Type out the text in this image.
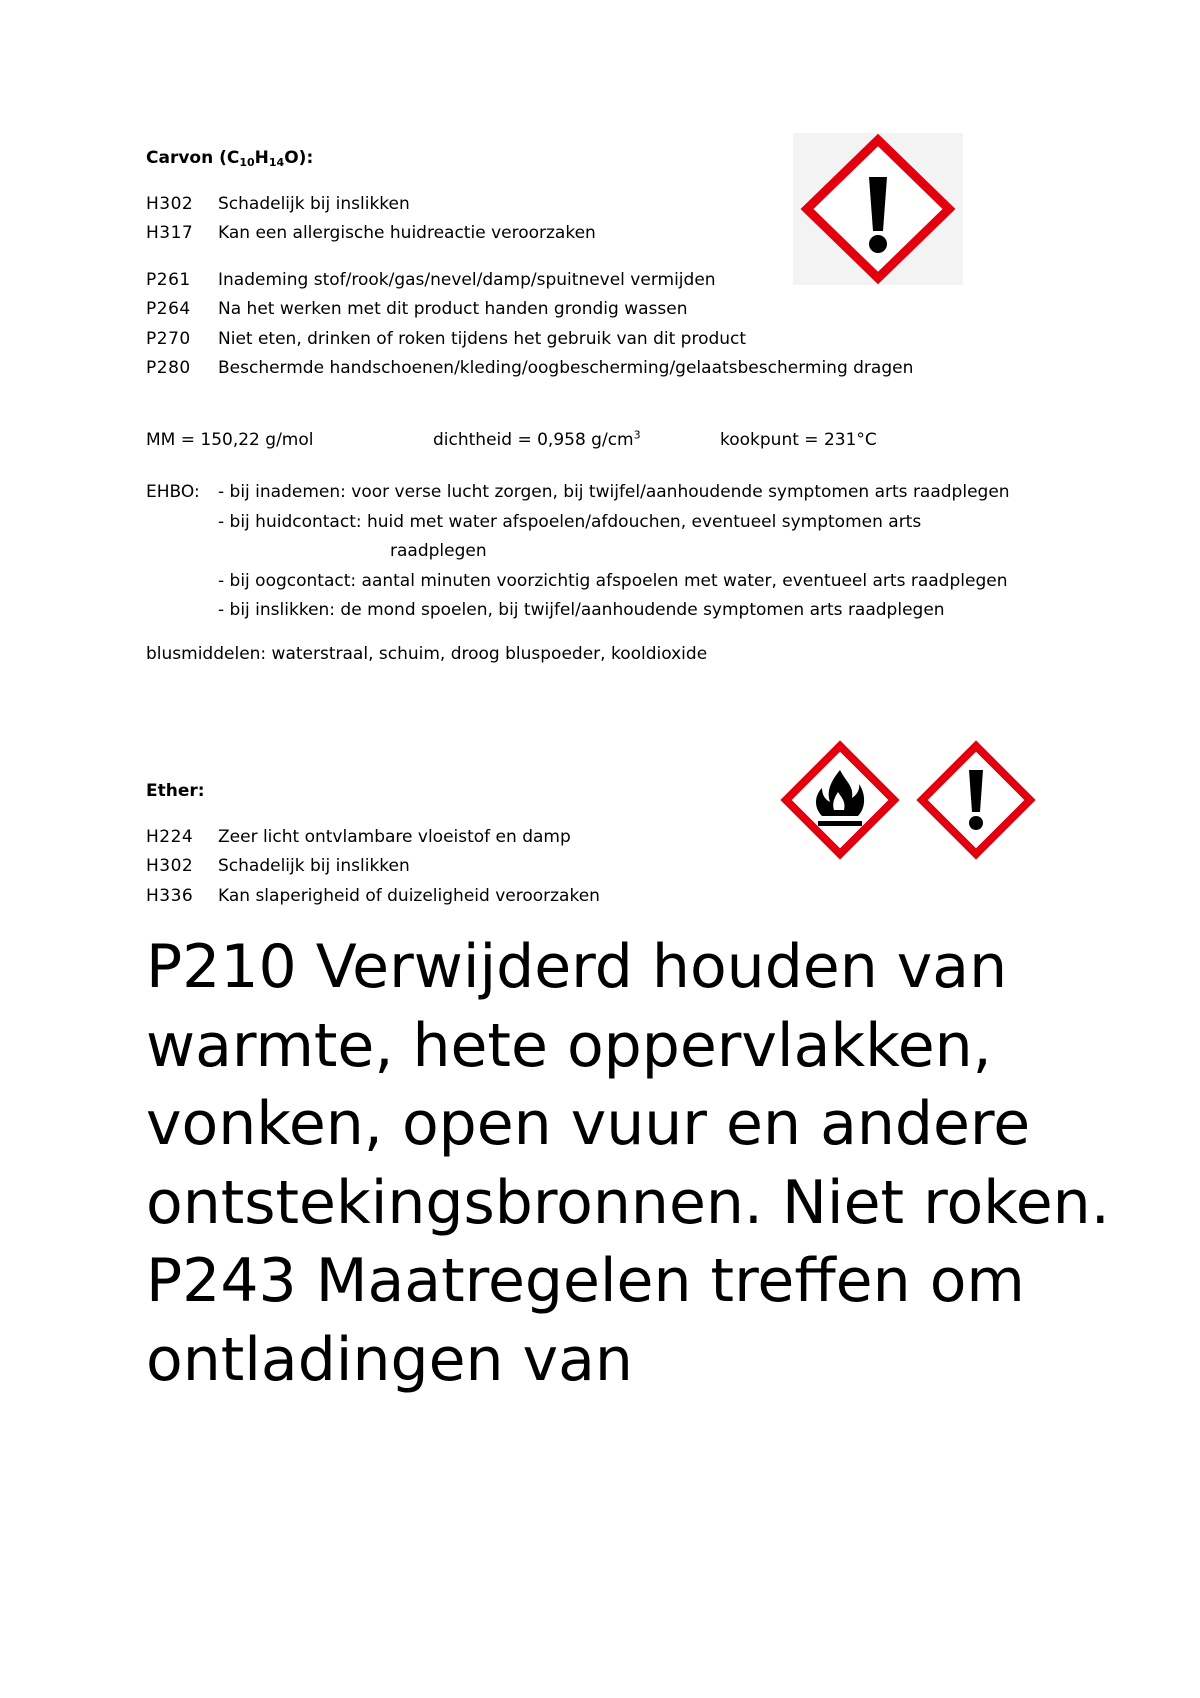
Carvon $(C_{10}H_{14}O)$:
H302	Schadelijk bij inslikken
H317	Kan een allergische huidreactie veroorzaken
P261	Inademing stof/rook/gas/nevel/damp/spuitnevel vermijden
P264	Na het werken met dit product handen grondig wassen
P270	Niet eten, drinken of roken tijdens het gebruik van dit product
P280	Beschermde handschoenen/kleding/oogbescherming/gelaatsbescherming dragen
MM = 150,22 g/mol	dichtheid = 0,958 $g/cm^3$	kookpunt = 231°C
EHBO: - bij inademen: voor verse lucht zorgen, bij twijfel/aanhoudende symptomen arts raadplegen
- bij huidcontact: huid met water afspoelen/afdouchen, eventueel symptomen arts
raadplegen
- bij oogcontact: aantal minuten voorzichtig afspoelen met water, eventueel arts raadplegen
- bij inslikken: de mond spoelen, bij twijfel/aanhoudende symptomen arts raadplegen
blusmiddelen: waterstraal, schuim, droog bluspoeder, kooldioxide
Ether:
H224	Zeer licht ontvlambare vloeistof en damp
H302	Schadelijk bij inslikken
H336	Kan slaperigheid of duizeligheid veroorzaken

P210 Verwijderd houden van warmte, hete oppervlakken, vonken, open vuur en andere ontstekingsbronnen. Niet roken.

P243 Maatregelen treffen om ontladingen van
